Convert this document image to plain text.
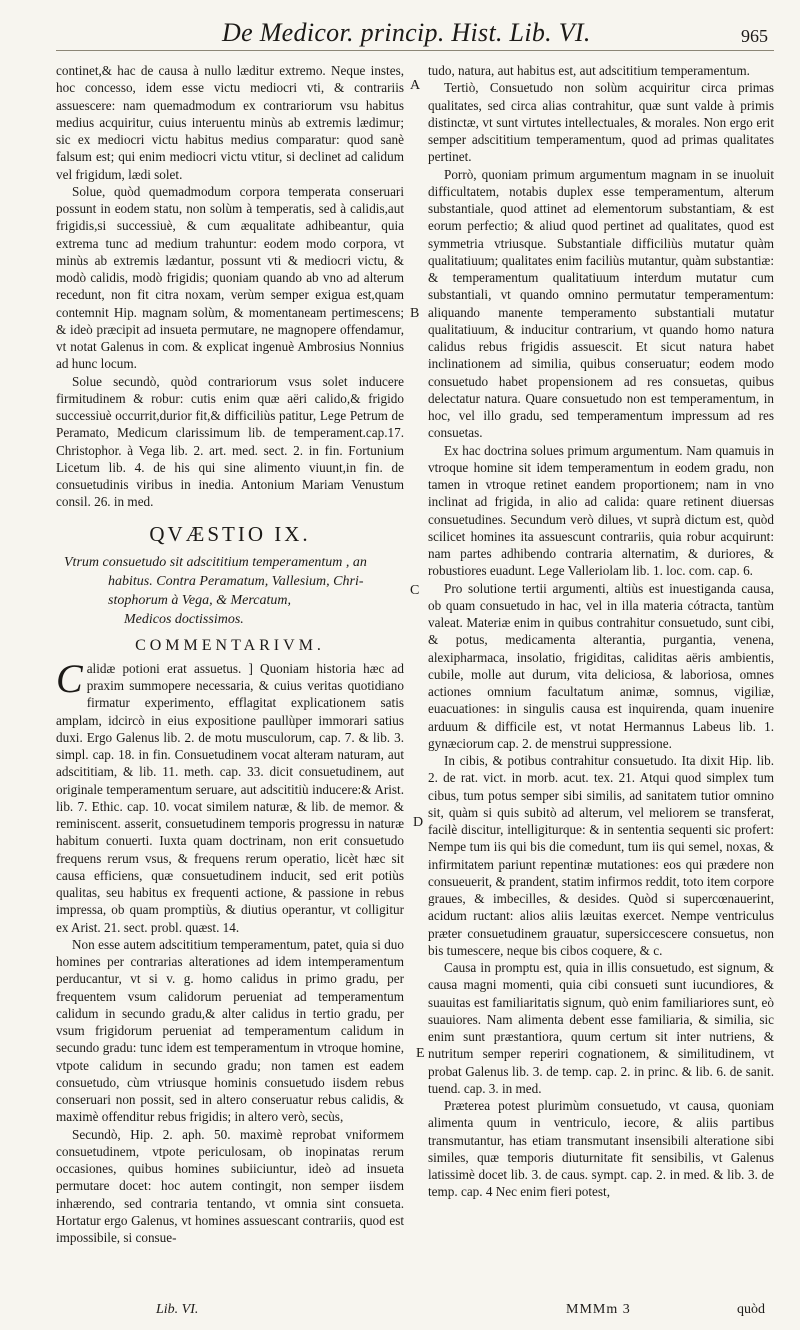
De Medicor. princip. Hist. Lib. VI.	965

continet,& hac de causa à nullo læditur extremo. Neque instes, hoc concesso, idem esse victu mediocri vti, & contrariis assuescere: nam quemadmodum ex contrariorum vsu habitus medius acquiritur, cuius interuentu minùs ab extremis lædimur; sic ex mediocri victu habitus medius comparatur: quod sanè falsum est; qui enim mediocri victu vtitur, si declinet ad calidum vel frigidum, lædi solet.

Solue, quòd quemadmodum corpora temperata conseruari possunt in eodem statu, non solùm à temperatis, sed à calidis,aut frigidis,si successiuè, & cum æqualitate adhibeantur, quia extrema tunc ad medium trahuntur: eodem modo corpora, vt minùs ab extremis lædantur, possunt vti & mediocri victu, & modò calidis, modò frigidis; quoniam quando ab vno ad alterum recedunt, non fit citra noxam, verùm semper exigua est,quam contemnit Hip. magnam solùm, & momentaneam pertimescens; & ideò præcipit ad insueta permutare, ne magnopere offendamur, vt notat Galenus in com. & explicat ingenuè Ambrosius Nonnius ad hunc locum.

Solue secundò, quòd contrariorum vsus solet inducere firmitudinem & robur: cutis enim quæ aëri calido,& frigido successiuè occurrit,durior fit,& difficiliùs patitur, Lege Petrum de Peramato, Medicum clarissimum lib. de temperament.cap.17. Christophor. à Vega lib. 2. art. med. sect. 2. in fin. Fortunium Licetum lib. 4. de his qui sine alimento viuunt,in fin. de consuetudinis viribus in inedia. Antonium Mariam Venustum consil. 26. in med.

QVÆSTIO IX.
Vtrum consuetudo sit adscititium temperamentum , an
habitus. Contra Peramatum, Vallesium, Chri-
stophorum à Vega, & Mercatum,
Medicos doctissimos.
COMMENTARIVM.

Calidæ potioni erat assuetus. ] Quoniam historia hæc ad praxim summopere necessaria, & cuius veritas quotidiano firmatur experimento, efflagitat explicationem satis amplam, idcircò in eius expositione paullùper immorari satius duxi. Ergo Galenus lib. 2. de motu musculorum, cap. 7. & lib. 3. simpl. cap. 18. in fin. Consuetudinem vocat alteram naturam, aut adscititiam, & lib. 11. meth. cap. 33. dicit consuetudinem, aut originale temperamentum seruare, aut adscititiù inducere:& Arist. lib. 7. Ethic. cap. 10. vocat similem naturæ, & lib. de memor. & reminiscent. asserit, consuetudinem temporis progressu in naturæ habitum conuerti. Iuxta quam doctrinam, non erit consuetudo frequens rerum vsus, & frequens rerum operatio, licèt hæc sit causa efficiens, quæ consuetudinem inducit, sed erit potiùs qualitas, seu habitus ex frequenti actione, & passione in rebus impressa, ob quam promptiùs, & diutius operantur, vt colligitur ex Arist. 21. sect. probl. quæst. 14.

Non esse autem adscititium temperamentum, patet, quia si duo homines per contrarias alterationes ad idem intemperamentum perducantur, vt si v. g. homo calidus in primo gradu, per frequentem vsum calidorum perueniat ad temperamentum calidum in secundo gradu,& alter calidus in tertio gradu, per vsum frigidorum perueniat ad temperamentum calidum in secundo gradu: tunc idem est temperamentum in vtroque homine, vtpote calidum in secundo gradu; non tamen est eadem consuetudo, cùm vtriusque hominis consuetudo iisdem rebus conseruari non possit, sed in altero conseruatur rebus calidis, & maximè offenditur rebus frigidis; in altero verò, secùs,

Secundò, Hip. 2. aph. 50. maximè reprobat vniformem consuetudinem, vtpote periculosam, ob inopinatas rerum occasiones, quibus homines subiiciuntur, ideò ad insueta permutare docet: hoc autem contingit, non semper iisdem inhærendo, sed contraria tentando, vt omnia sint consueta. Hortatur ergo Galenus, vt homines assuescant contrariis, quod est impossibile, si consue-

A
B
C
D
E

tudo, natura, aut habitus est, aut adscititium temperamentum.

Tertiò, Consuetudo non solùm acquiritur circa primas qualitates, sed circa alias contrahitur, quæ sunt valde à primis distinctæ, vt sunt virtutes intellectuales, & morales. Non ergo erit semper adscititium temperamentum, quod ad primas qualitates pertinet.

Porrò, quoniam primum argumentum magnam in se inuoluit difficultatem, notabis duplex esse temperamentum, alterum substantiale, quod attinet ad elementorum substantiam, & est eorum perfectio; & aliud quod pertinet ad qualitates, quod est symmetria vtriusque. Substantiale difficiliùs mutatur quàm qualitatiuum; qualitates enim faciliùs mutantur, quàm substantiæ: & temperamentum qualitatiuum interdum mutatur cum substantiali, vt quando omnino permutatur temperamentum: aliquando manente temperamento substantiali mutatur qualitatiuum, & inducitur contrarium, vt quando homo natura calidus rebus frigidis assuescit. Et sicut natura habet inclinationem ad similia, quibus conseruatur; eodem modo consuetudo habet propensionem ad res consuetas, quibus delectatur natura. Quare consuetudo non est temperamentum, in hoc, vel illo gradu, sed temperamentum impressum ad res consuetas.

Ex hac doctrina solues primum argumentum. Nam quamuis in vtroque homine sit idem temperamentum in eodem gradu, non tamen in vtroque retinet eandem proportionem; nam in vno inclinat ad frigida, in alio ad calida: quare retinent diuersas consuetudines. Secundum verò dilues, vt suprà dictum est, quòd scilicet homines ita assuescunt contrariis, quia robur acquirunt: nam partes adhibendo contraria alternatim, & duriores, & robustiores euadunt. Lege Valleriolam lib. 1. loc. com. cap. 6.

Pro solutione tertii argumenti, altiùs est inuestiganda causa, ob quam consuetudo in hac, vel in illa materia cótracta, tantùm valeat. Materiæ enim in quibus contrahitur consuetudo, sunt cibi, & potus, medicamenta alterantia, purgantia, venena, alexipharmaca, insolatio, frigiditas, caliditas aëris ambientis, cubile, molle aut durum, vita deliciosa, & laboriosa, omnes actiones omnium facultatum animæ, somnus, vigiliæ, euacuationes: in singulis causa est inquirenda, quam inuenire arduum & difficile est, vt notat Hermannus Labeus lib. 1. gynæciorum cap. 2. de menstrui suppressione.

In cibis, & potibus contrahitur consuetudo. Ita dixit Hip. lib. 2. de rat. vict. in morb. acut. tex. 21. Atqui quod simplex tum cibus, tum potus semper sibi similis, ad sanitatem tutior omnino sit, quàm si quis subitò ad alterum, vel meliorem se transferat, facilè discitur, intelligiturque: & in sententia sequenti sic profert: Nempe tum iis qui bis die comedunt, tum iis qui semel, noxas, & infirmitatem pariunt repentinæ mutationes: eos qui prædere non consueuerit, & prandent, statim infirmos reddit, toto item corpore graues, & imbecilles, & desides. Quòd si supercœnauerint, acidum ructant: alios aliis læuitas exercet. Nempe ventriculus præter consuetudinem grauatur, supersiccescere consuetus, non bis tumescere, neque bis cibos coquere, & c.

Causa in promptu est, quia in illis consuetudo, est signum, & causa magni momenti, quia cibi consueti sunt iucundiores, & suauitas est familiaritatis signum, quò enim familiariores sunt, eò suauiores. Nam alimenta debent esse familiaria, & similia, sic enim sunt præstantiora, quum certum sit inter nutriens, & nutritum semper reperiri cognationem, & similitudinem, vt probat Galenus lib. 3. de temp. cap. 2. in princ. & lib. 6. de sanit. tuend. cap. 3. in med.

Præterea potest plurimùm consuetudo, vt causa, quoniam alimenta quum in ventriculo, iecore, & aliis partibus transmutantur, has etiam transmutant insensibili alteratione sibi similes, quæ temporis diuturnitate fit sensibilis, vt Galenus latissimè docet lib. 3. de caus. sympt. cap. 2. in med. & lib. 3. de temp. cap. 4 Nec enim fieri potest,

Lib. VI.	MMMm 3	quòd
